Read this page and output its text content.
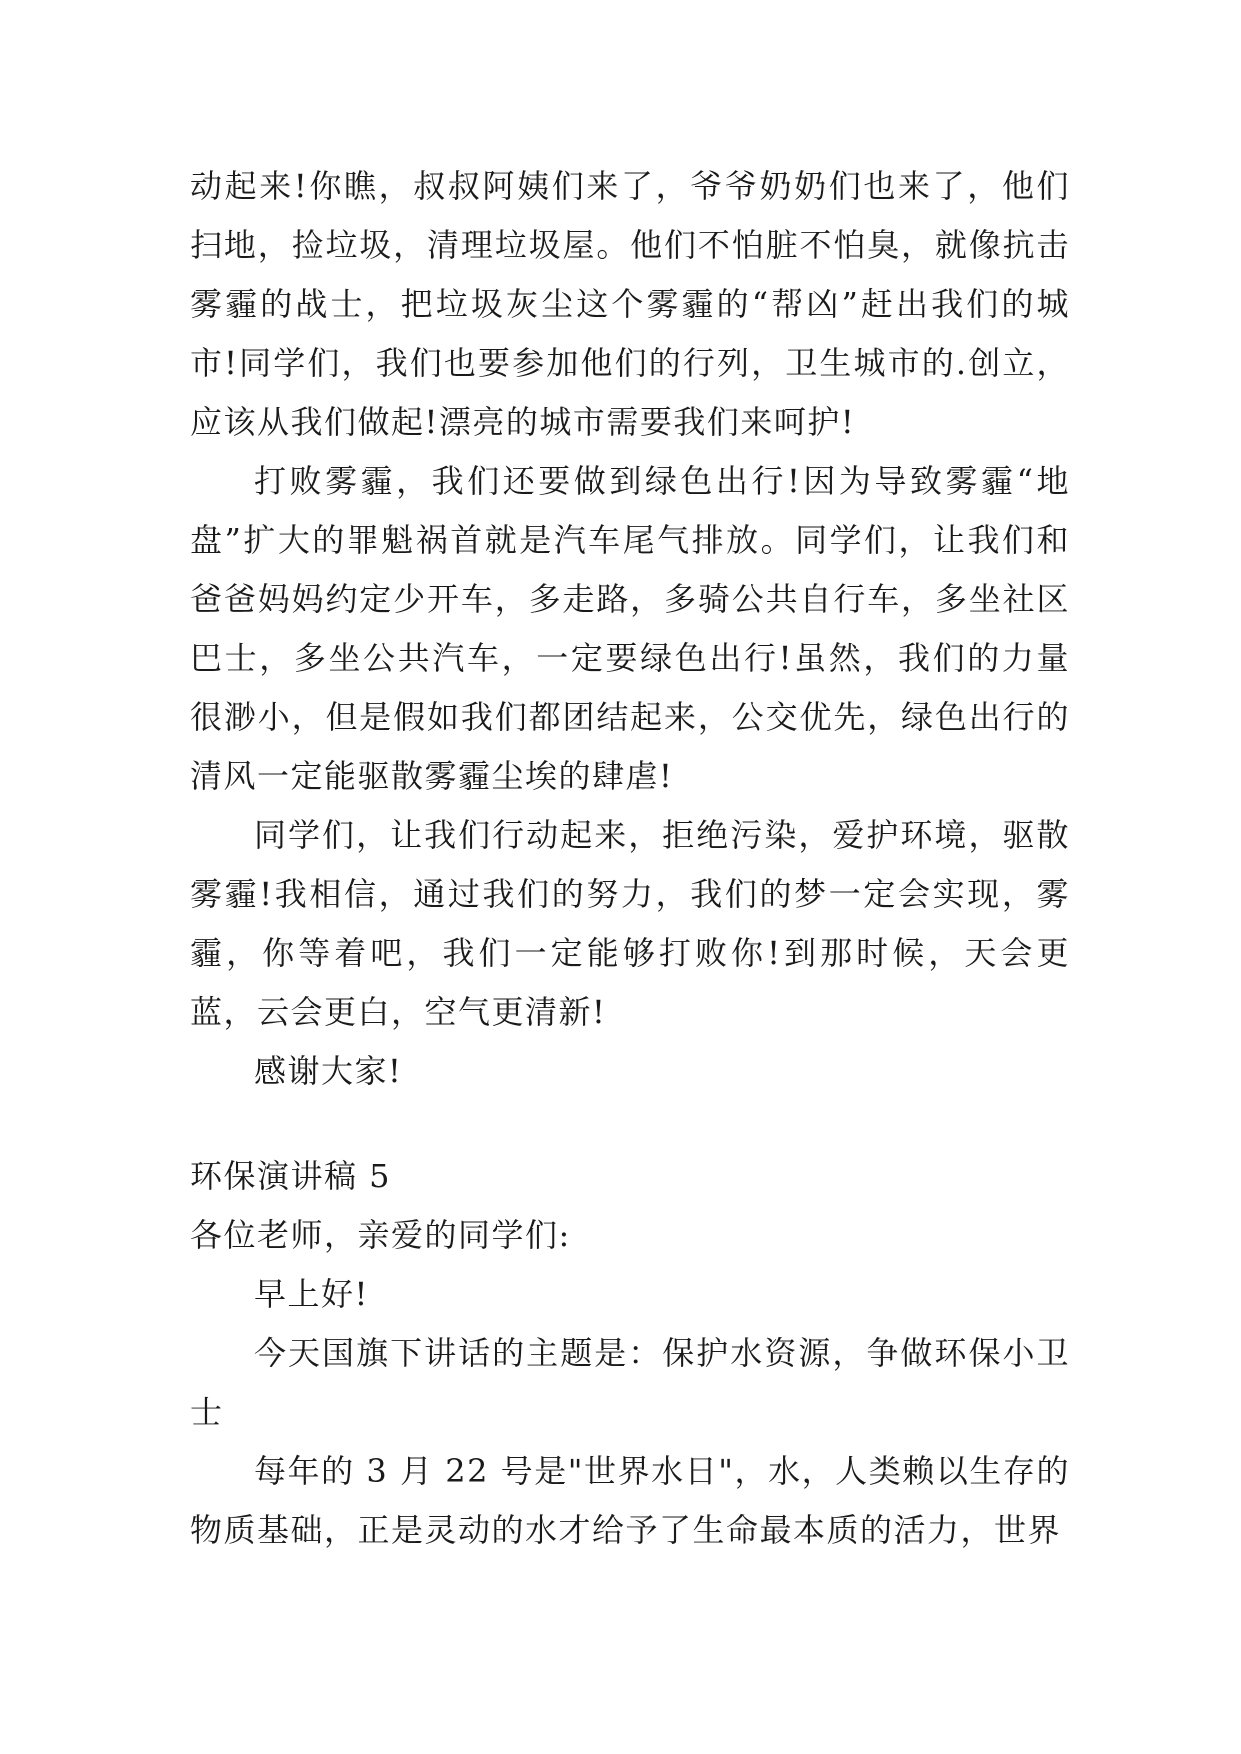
动起来!你瞧，叔叔阿姨们来了，爷爷奶奶们也来了，他们扫地，捡垃圾，清理垃圾屋。他们不怕脏不怕臭，就像抗击雾霾的战士，把垃圾灰尘这个雾霾的“帮凶”赶出我们的城市!同学们，我们也要参加他们的行列，卫生城市的.创立，应该从我们做起!漂亮的城市需要我们来呵护!

打败雾霾，我们还要做到绿色出行!因为导致雾霾“地盘”扩大的罪魁祸首就是汽车尾气排放。同学们，让我们和爸爸妈妈约定少开车，多走路，多骑公共自行车，多坐社区巴士，多坐公共汽车，一定要绿色出行!虽然，我们的力量很渺小，但是假如我们都团结起来，公交优先，绿色出行的清风一定能驱散雾霾尘埃的肆虐!

同学们，让我们行动起来，拒绝污染，爱护环境，驱散雾霾!我相信，通过我们的努力，我们的梦一定会实现，雾霾，你等着吧，我们一定能够打败你!到那时候，天会更蓝，云会更白，空气更清新!

感谢大家!

环保演讲稿 5

各位老师，亲爱的同学们:

早上好!

今天国旗下讲话的主题是：保护水资源，争做环保小卫士

每年的 3 月 22 号是"世界水日"，水，人类赖以生存的物质基础，正是灵动的水才给予了生命最本质的活力，世界
